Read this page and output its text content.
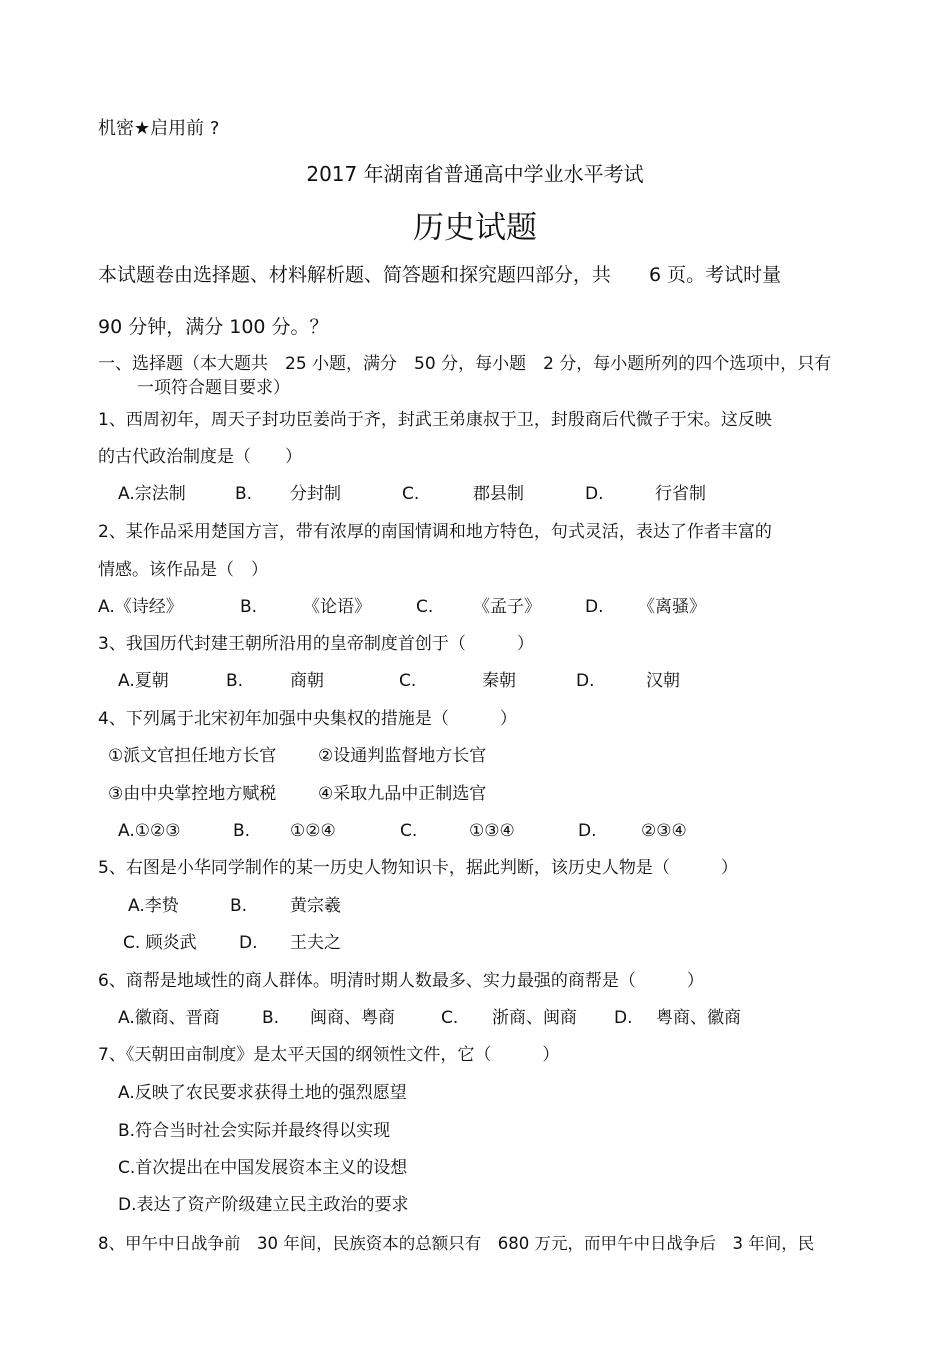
机密★启用前 ?
2017 年湖南省普通高中学业水平考试
历史试题
本试题卷由选择题、材料解析题、简答题和探究题四部分，共　　6 页。考试时量
90 分钟，满分 100 分。？
一、选择题（本大题共　25 小题，满分　50 分，每小题　2 分，每小题所列的四个选项中，只有
一项符合题目要求）
1、西周初年，周天子封功臣姜尚于齐，封武王弟康叔于卫，封殷商后代微子于宋。这反映
的古代政治制度是（　　）
A.宗法制	B. 分封制	C.	郡县制	D.	行省制
2、某作品采用楚国方言，带有浓厚的南国情调和地方特色，句式灵活，表达了作者丰富的
情感。该作品是（　）
A.《诗经》	B.	《论语》	C. 《孟子》	D. 《离骚》
3、我国历代封建王朝所沿用的皇帝制度首创于（　　　）
A.夏朝	B.	商朝	C.	秦朝	D.	汉朝
4、下列属于北宋初年加强中央集权的措施是（　　　）
①派文官担任地方长官 ②设通判监督地方长官
③由中央掌控地方赋税 ④采取九品中正制选官
A.①②③	B. ①②④	C.	①③④	D.	②③④
5、右图是小华同学制作的某一历史人物知识卡，据此判断，该历史人物是（　　　）
A.李贽	B.	黄宗羲
C. 顾炎武 D. 王夫之
6、商帮是地域性的商人群体。明清时期人数最多、实力最强的商帮是（　　　）
A.徽商、晋商 B. 闽商、粤商	C. 浙商、闽商 D. 粤商、徽商
7、《天朝田亩制度》是太平天国的纲领性文件，它（　　　）
A.反映了农民要求获得土地的强烈愿望
B.符合当时社会实际并最终得以实现
C.首次提出在中国发展资本主义的设想
D.表达了资产阶级建立民主政治的要求
8、甲午中日战争前　30 年间，民族资本的总额只有　680 万元，而甲午中日战争后　3 年间，民
